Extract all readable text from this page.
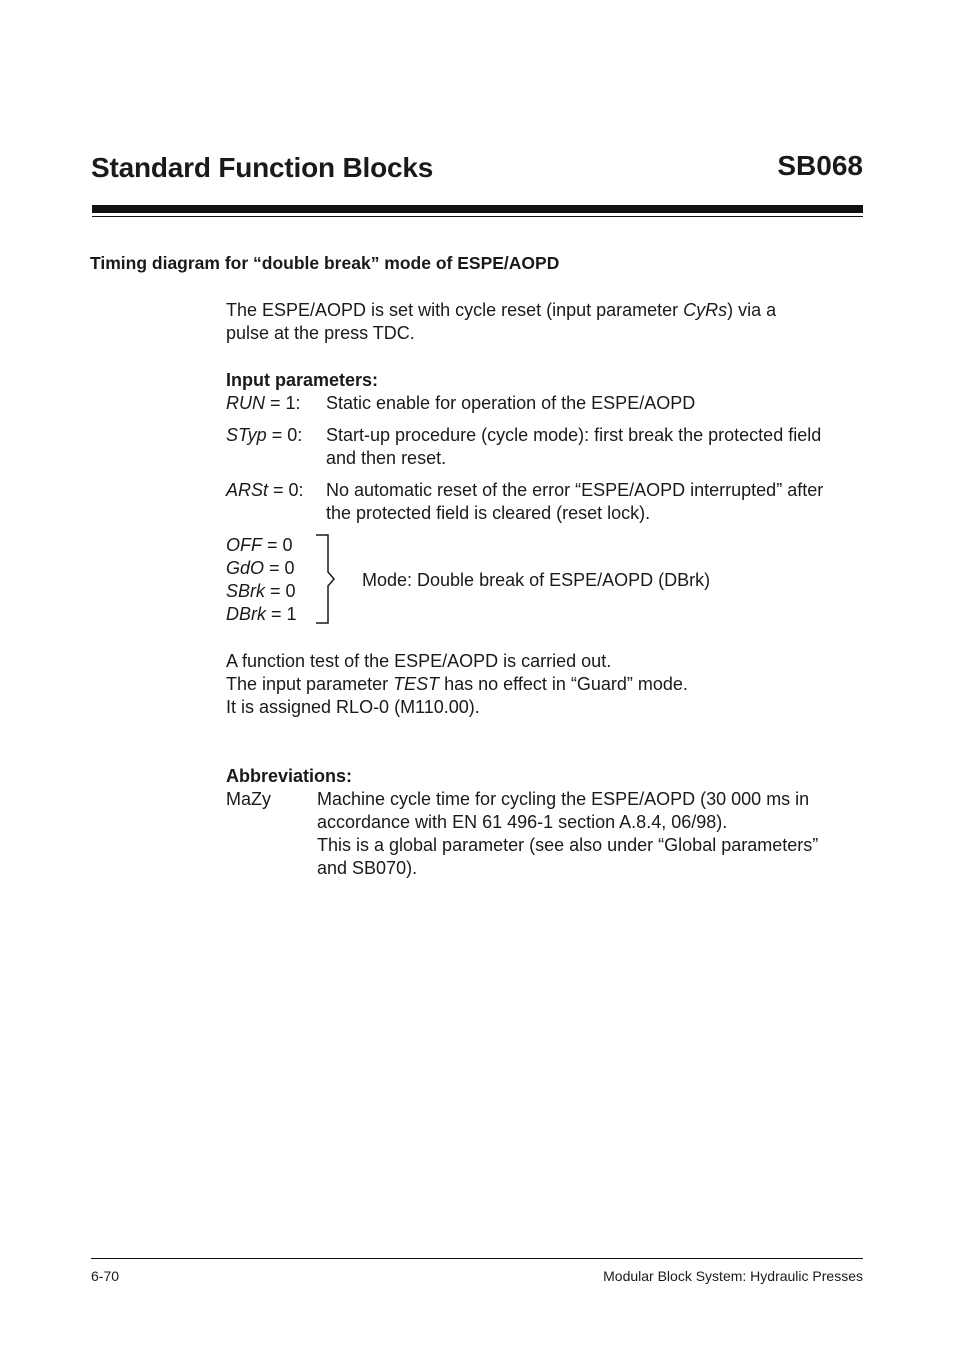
Standard Function Blocks	SB068
Timing diagram for “double break” mode of ESPE/AOPD
The ESPE/AOPD is set with cycle reset (input parameter CyRs) via a
pulse at the press TDC.
Input parameters:
RUN = 1: Static enable for operation of the ESPE/AOPD
STyp = 0: Start-up procedure (cycle mode): first break the protected field
and then reset.
ARSt = 0: No automatic reset of the error “ESPE/AOPD interrupted” after
the protected field is cleared (reset lock).
OFF = 0
GdO = 0
SBrk = 0
DBrk = 1
Mode: Double break of ESPE/AOPD (DBrk)
A function test of the ESPE/AOPD is carried out.
The input parameter TEST has no effect in “Guard” mode.
It is assigned RLO-0 (M110.00).
Abbreviations:
MaZy	Machine cycle time for cycling the ESPE/AOPD (30 000 ms in
accordance with EN 61 496-1 section A.8.4, 06/98).
This is a global parameter (see also under “Global parameters”
and SB070).
6-70	Modular Block System: Hydraulic Presses
